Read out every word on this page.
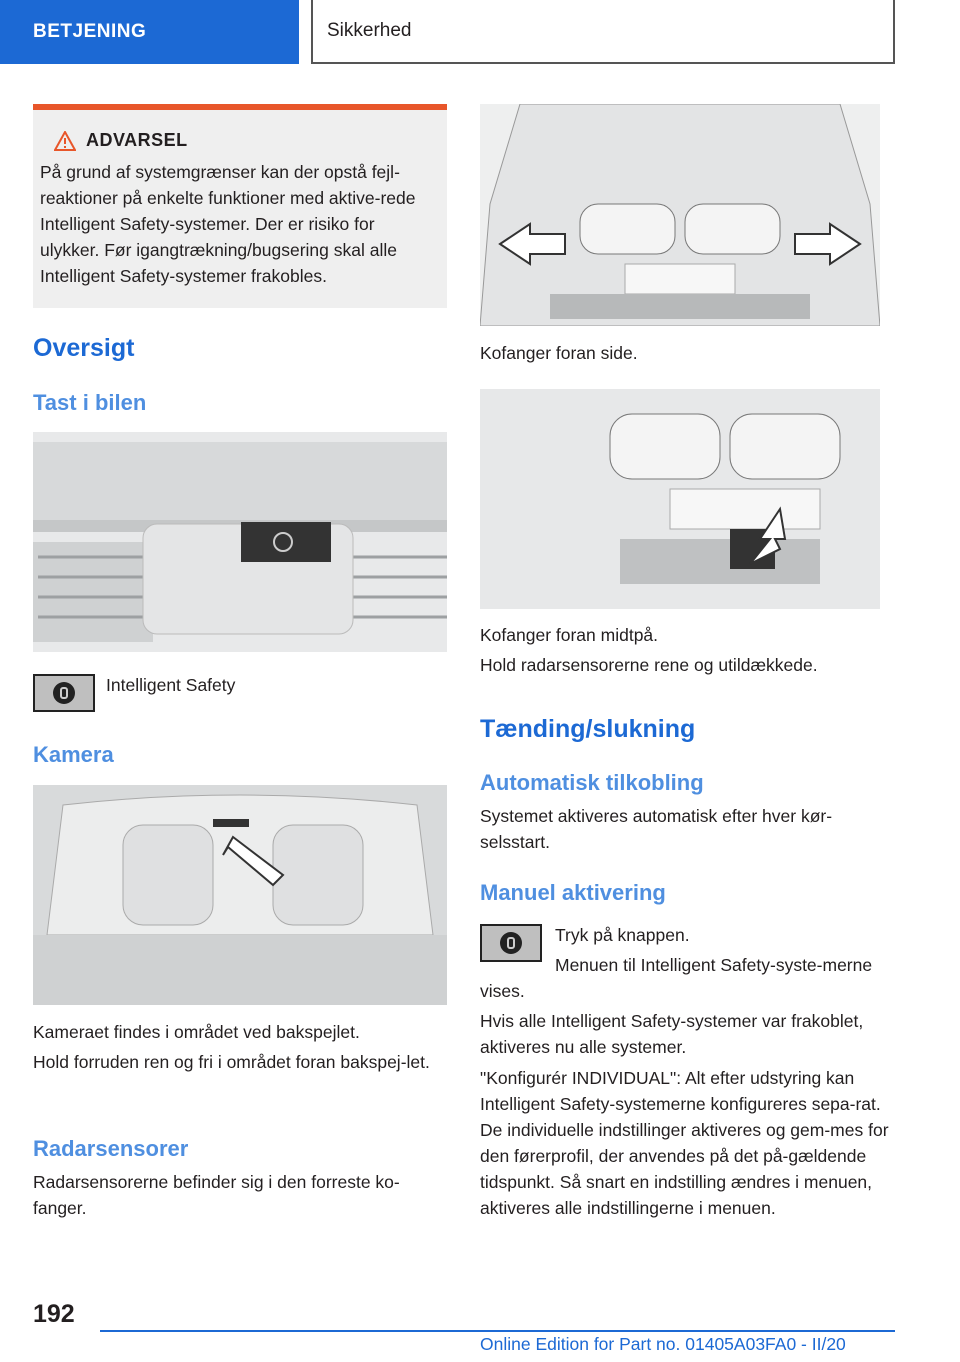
BETJENING	Sikkerhed
ADVARSEL
På grund af systemgrænser kan der opstå fejl-reaktioner på enkelte funktioner med aktive-rede Intelligent Safety-systemer. Der er risiko for ulykker. Før igangtrækning/bugsering skal alle Intelligent Safety-systemer frakobles.
Oversigt
Tast i bilen
Intelligent Safety
Kamera
Kameraet findes i området ved bakspejlet.
Hold forruden ren og fri i området foran bakspej-let.
Radarsensorer
Radarsensorerne befinder sig i den forreste ko-fanger.
Kofanger foran side.
Kofanger foran midtpå.
Hold radarsensorerne rene og utildækkede.
Tænding/slukning
Automatisk tilkobling
Systemet aktiveres automatisk efter hver kør-selsstart.
Manuel aktivering
Tryk på knappen.
Menuen til Intelligent Safety-syste-merne vises.
Hvis alle Intelligent Safety-systemer var frakoblet, aktiveres nu alle systemer.
"Konfigurér INDIVIDUAL": Alt efter udstyring kan Intelligent Safety-systemerne konfigureres sepa-rat. De individuelle indstillinger aktiveres og gem-mes for den førerprofil, der anvendes på det på-gældende tidspunkt. Så snart en indstilling ændres i menuen, aktiveres alle indstillingerne i menuen.
192
Online Edition for Part no. 01405A03FA0 - II/20
